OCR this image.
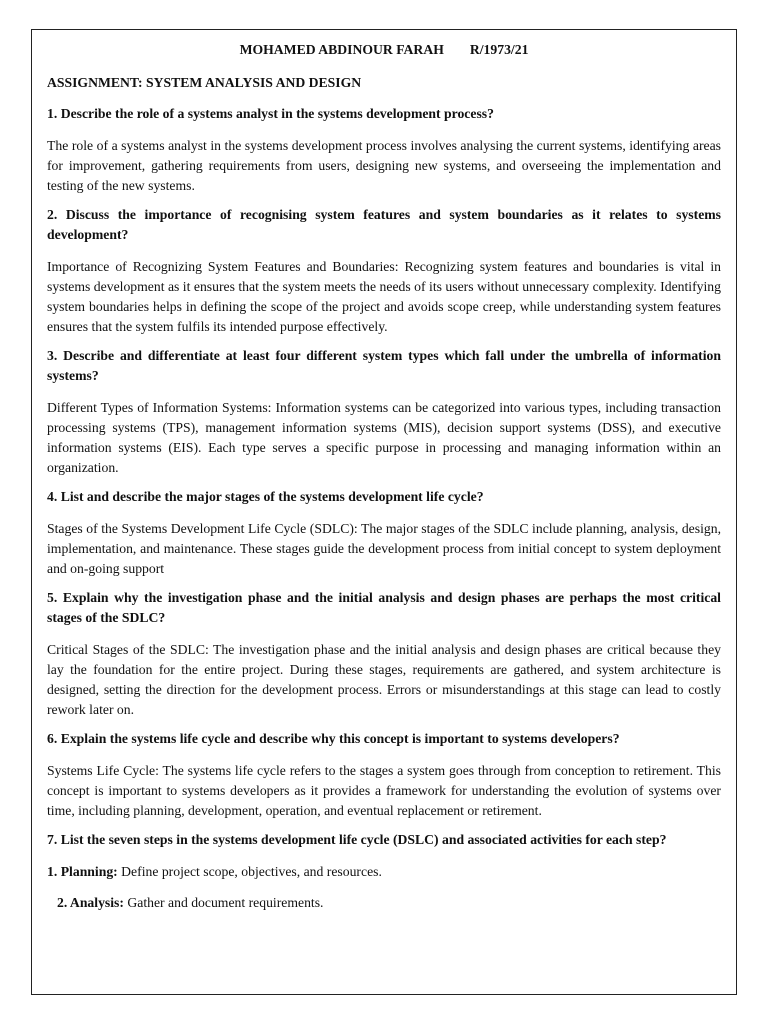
MOHAMED ABDINOUR FARAH R/1973/21
ASSIGNMENT: SYSTEM ANALYSIS AND DESIGN
1. Describe the role of a systems analyst in the systems development process?
The role of a systems analyst in the systems development process involves analysing the current systems, identifying areas for improvement, gathering requirements from users, designing new systems, and overseeing the implementation and testing of the new systems.
2. Discuss the importance of recognising system features and system boundaries as it relates to systems development?
Importance of Recognizing System Features and Boundaries: Recognizing system features and boundaries is vital in systems development as it ensures that the system meets the needs of its users without unnecessary complexity. Identifying system boundaries helps in defining the scope of the project and avoids scope creep, while understanding system features ensures that the system fulfils its intended purpose effectively.
3. Describe and differentiate at least four different system types which fall under the umbrella of information systems?
Different Types of Information Systems: Information systems can be categorized into various types, including transaction processing systems (TPS), management information systems (MIS), decision support systems (DSS), and executive information systems (EIS). Each type serves a specific purpose in processing and managing information within an organization.
4. List and describe the major stages of the systems development life cycle?
Stages of the Systems Development Life Cycle (SDLC): The major stages of the SDLC include planning, analysis, design, implementation, and maintenance. These stages guide the development process from initial concept to system deployment and on-going support
5. Explain why the investigation phase and the initial analysis and design phases are perhaps the most critical stages of the SDLC?
Critical Stages of the SDLC: The investigation phase and the initial analysis and design phases are critical because they lay the foundation for the entire project. During these stages, requirements are gathered, and system architecture is designed, setting the direction for the development process. Errors or misunderstandings at this stage can lead to costly rework later on.
6. Explain the systems life cycle and describe why this concept is important to systems developers?
Systems Life Cycle: The systems life cycle refers to the stages a system goes through from conception to retirement. This concept is important to systems developers as it provides a framework for understanding the evolution of systems over time, including planning, development, operation, and eventual replacement or retirement.
7. List the seven steps in the systems development life cycle (DSLC) and associated activities for each step?
1. Planning: Define project scope, objectives, and resources.
2. Analysis: Gather and document requirements.
